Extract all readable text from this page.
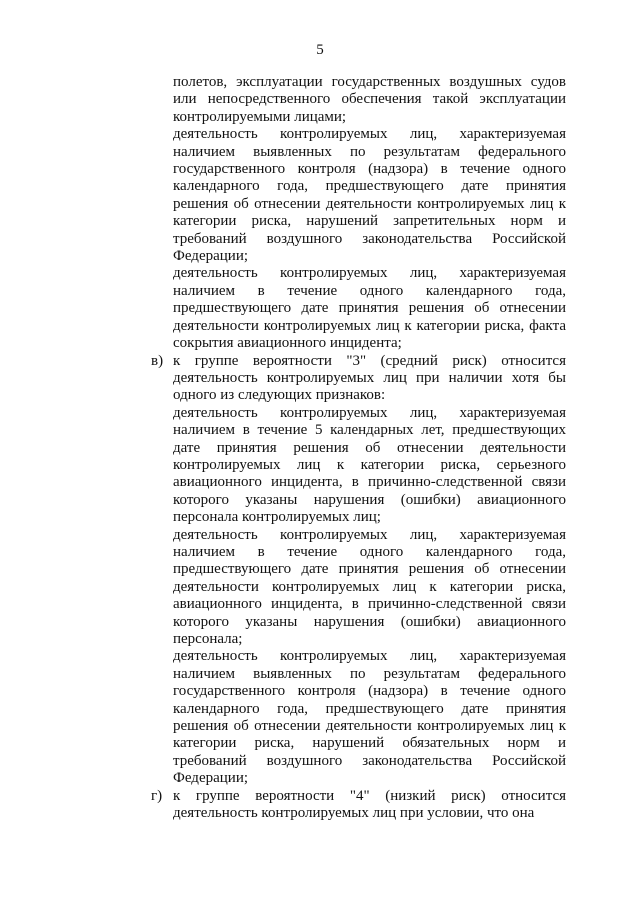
5

полетов, эксплуатации государственных воздушных судов или непосредственного обеспечения такой эксплуатации контролируемыми лицами;

деятельность контролируемых лиц, характеризуемая наличием выявленных по результатам федерального государственного контроля (надзора) в течение одного календарного года, предшествующего дате принятия решения об отнесении деятельности контролируемых лиц к категории риска, нарушений запретительных норм и требований воздушного законодательства Российской Федерации;

деятельность контролируемых лиц, характеризуемая наличием в течение одного календарного года, предшествующего дате принятия решения об отнесении деятельности контролируемых лиц к категории риска, факта сокрытия авиационного инцидента;

в) к группе вероятности "3" (средний риск) относится деятельность контролируемых лиц при наличии хотя бы одного из следующих признаков:

деятельность контролируемых лиц, характеризуемая наличием в течение 5 календарных лет, предшествующих дате принятия решения об отнесении деятельности контролируемых лиц к категории риска, серьезного авиационного инцидента, в причинно-следственной связи которого указаны нарушения (ошибки) авиационного персонала контролируемых лиц;

деятельность контролируемых лиц, характеризуемая наличием в течение одного календарного года, предшествующего дате принятия решения об отнесении деятельности контролируемых лиц к категории риска, авиационного инцидента, в причинно-следственной связи которого указаны нарушения (ошибки) авиационного персонала;

деятельность контролируемых лиц, характеризуемая наличием выявленных по результатам федерального государственного контроля (надзора) в течение одного календарного года, предшествующего дате принятия решения об отнесении деятельности контролируемых лиц к категории риска, нарушений обязательных норм и требований воздушного законодательства Российской Федерации;

г) к группе вероятности "4" (низкий риск) относится деятельность контролируемых лиц при условии, что она
